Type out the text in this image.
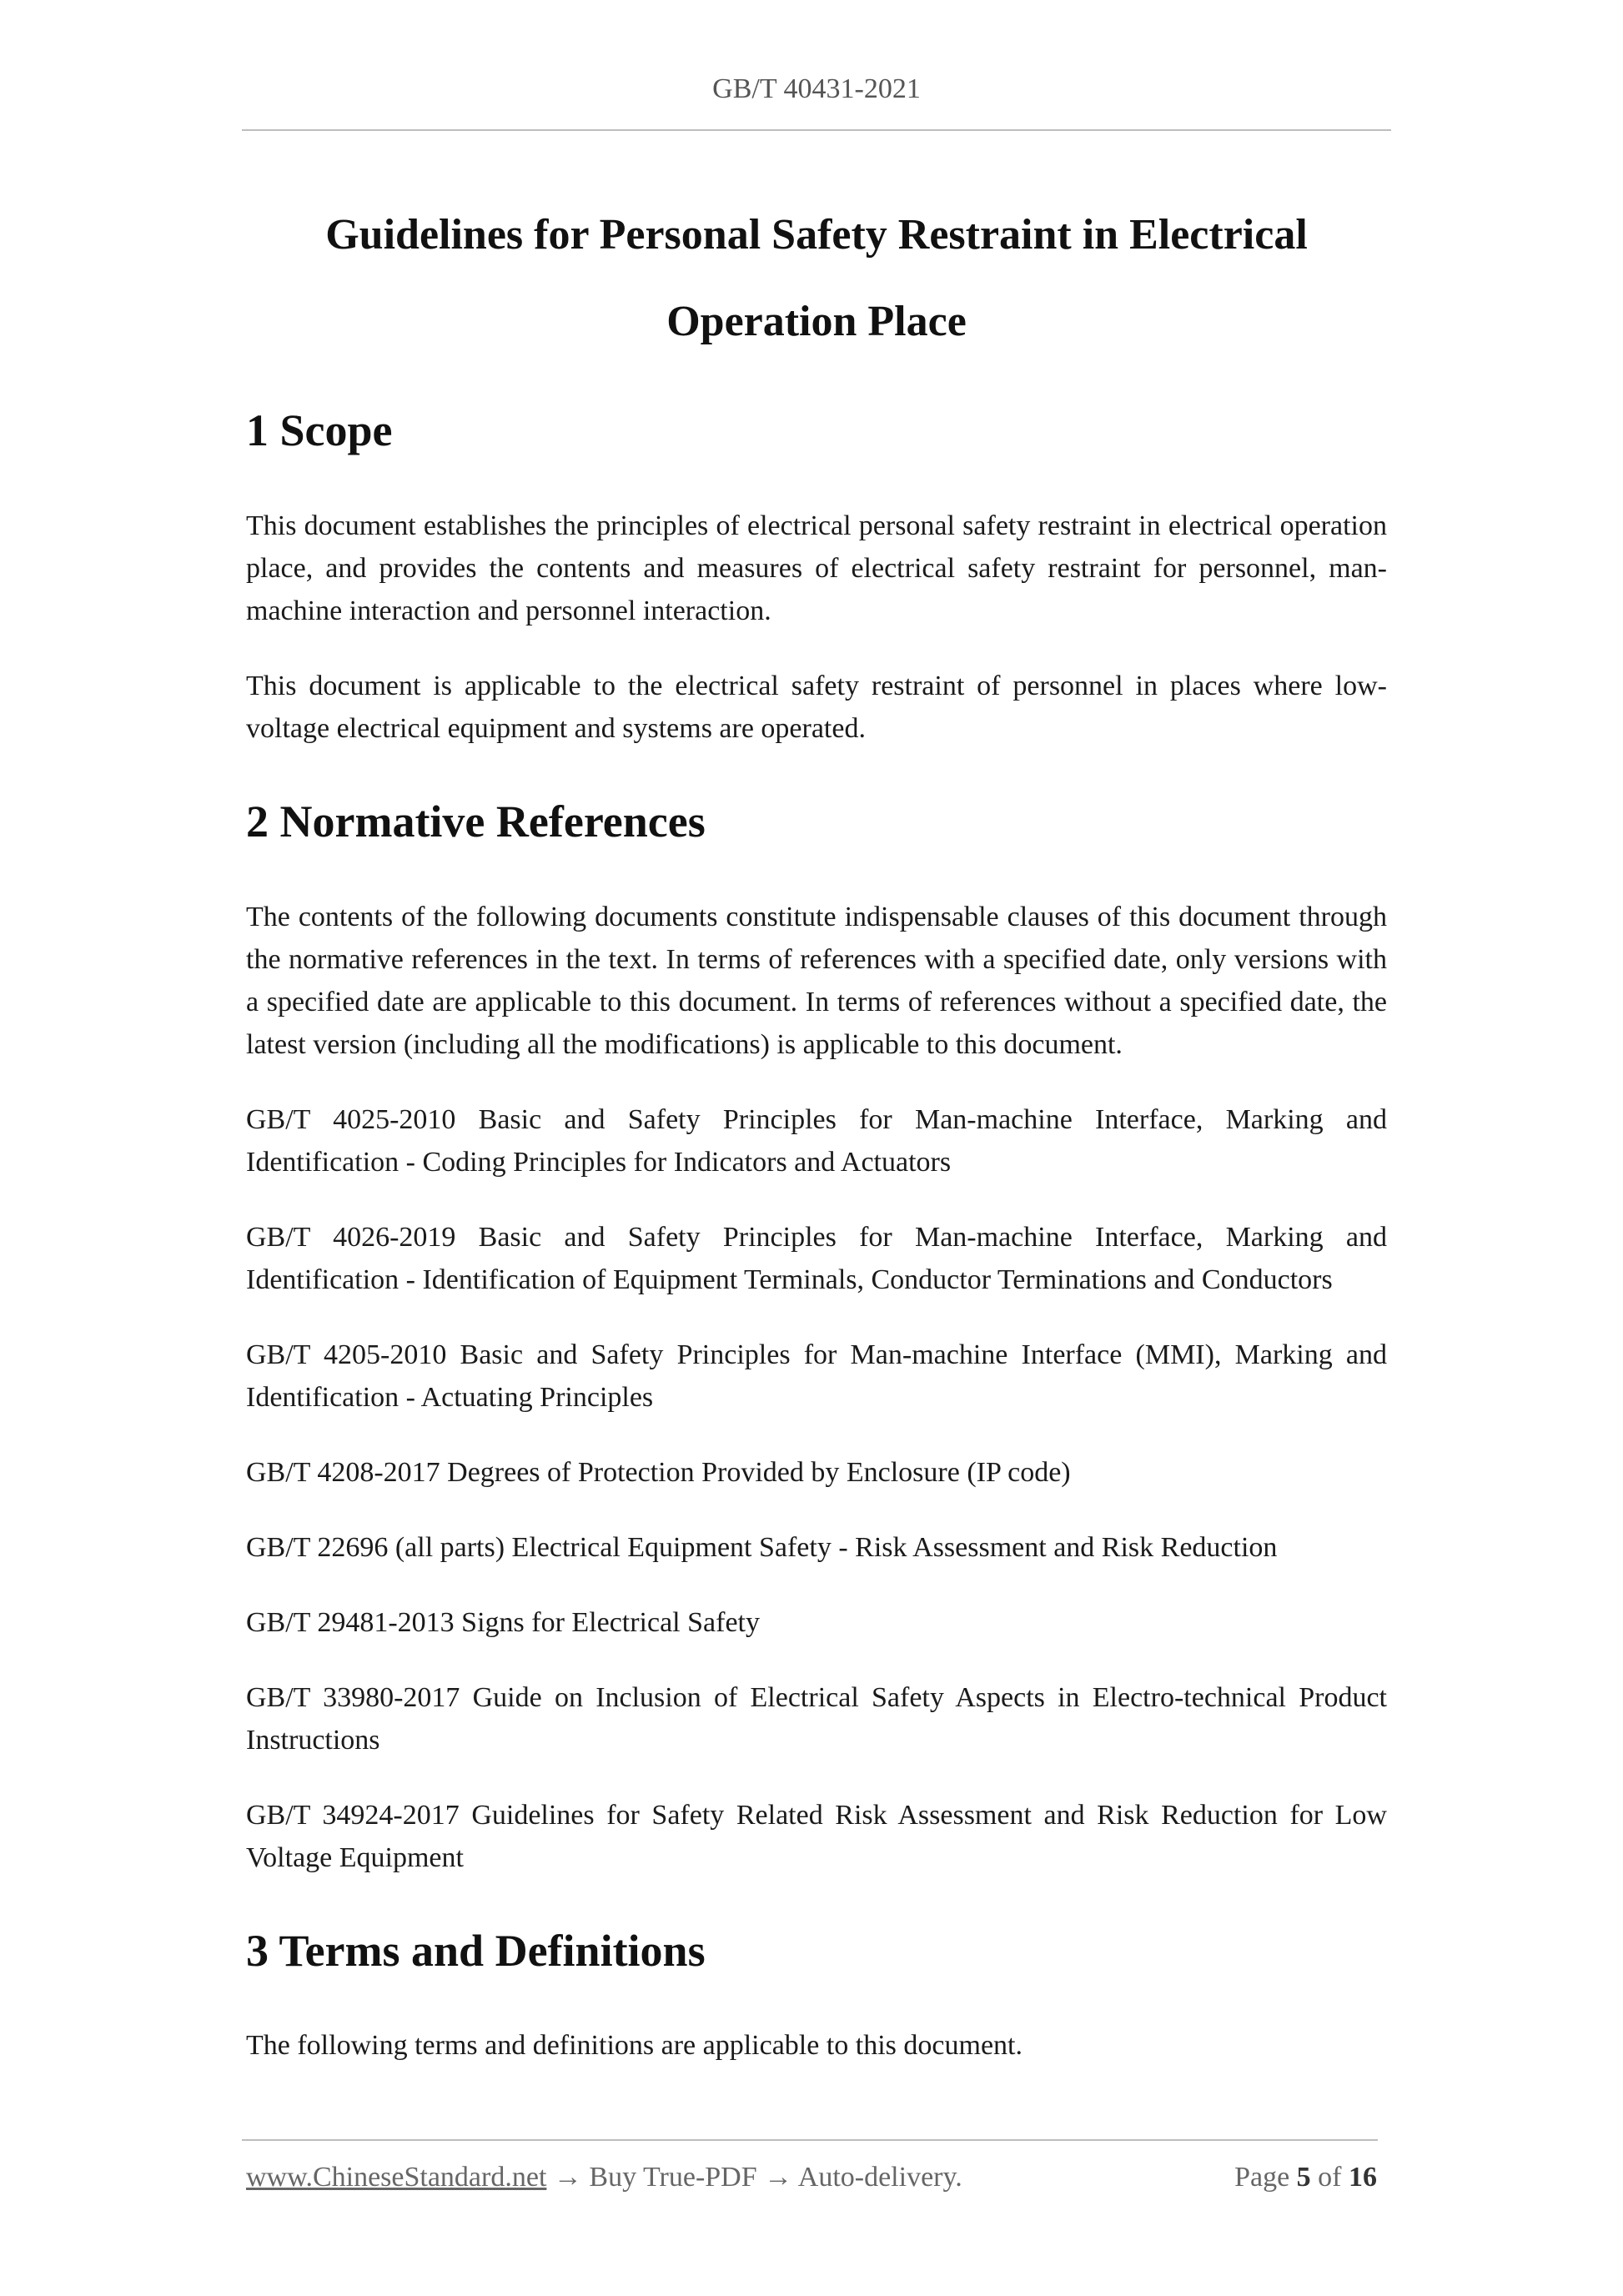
GB/T 40431-2021
Guidelines for Personal Safety Restraint in Electrical
Operation Place
1 Scope

This document establishes the principles of electrical personal safety restraint in electrical operation place, and provides the contents and measures of electrical safety restraint for personnel, man-machine interaction and personnel interaction.

This document is applicable to the electrical safety restraint of personnel in places where low-voltage electrical equipment and systems are operated.

2 Normative References

The contents of the following documents constitute indispensable clauses of this document through the normative references in the text. In terms of references with a specified date, only versions with a specified date are applicable to this document. In terms of references without a specified date, the latest version (including all the modifications) is applicable to this document.

GB/T 4025-2010 Basic and Safety Principles for Man-machine Interface, Marking and Identification - Coding Principles for Indicators and Actuators

GB/T 4026-2019 Basic and Safety Principles for Man-machine Interface, Marking and Identification - Identification of Equipment Terminals, Conductor Terminations and Conductors

GB/T 4205-2010 Basic and Safety Principles for Man-machine Interface (MMI), Marking and Identification - Actuating Principles

GB/T 4208-2017 Degrees of Protection Provided by Enclosure (IP code)

GB/T 22696 (all parts) Electrical Equipment Safety - Risk Assessment and Risk Reduction

GB/T 29481-2013 Signs for Electrical Safety

GB/T 33980-2017 Guide on Inclusion of Electrical Safety Aspects in Electro-technical Product Instructions

GB/T 34924-2017 Guidelines for Safety Related Risk Assessment and Risk Reduction for Low Voltage Equipment

3 Terms and Definitions

The following terms and definitions are applicable to this document.

www.ChineseStandard.net → Buy True-PDF → Auto-delivery.	Page 5 of 16
